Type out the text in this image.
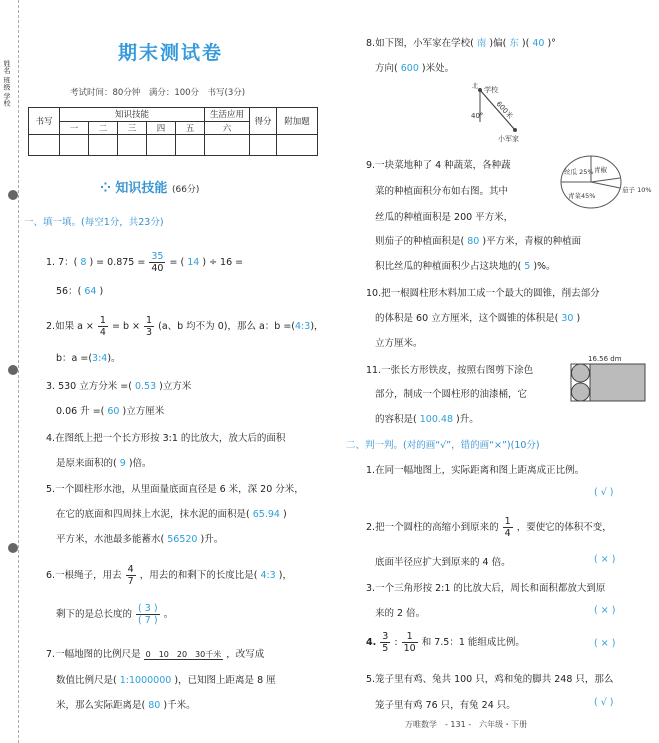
姓名 班级 学校
期末测试卷
考试时间：80分钟　满分：100分　书写(3分)
书写	知识技能					生活应用	得分	附加题
	一	二	三	四	五	六		

⁘ 知识技能 (66分)
一、填一填。(每空1分，共23分)
1. 7：( 8 ) = $0.875 = \frac{35}{40}$ = ( 14 ) ÷ 16 =
56：( 64 )
2.如果 $a \times \frac{1}{4} = b \times \frac{1}{3} (a$、b 均不为 0)，那么 a：b =(4:3)，
b：a =(3:4)。
3. 530 立方分米 =( 0.53 )立方米
0.06 升 =( 60 )立方厘米
4.在图纸上把一个长方形按 3:1 的比放大，放大后的面积
是原来面积的( 9 )倍。
5.一个圆柱形水池，从里面量底面直径是 6 米，深 20 分米，
在它的底面和四周抹上水泥，抹水泥的面积是( 65.94 )
平方米，水池最多能蓄水( 56520 )升。
6.一根绳子，用去 $\frac{4}{7}$ ，用去的和剩下的长度比是( 4:3 )，
剩下的是总长度的 $\frac{( 3 )}{( 7 )}$ 。
7.一幅地图的比例尺是 0　10　20　30千米 ，改写成
数值比例尺是( 1:1000000 )，已知图上距离是 8 厘
米，那么实际距离是( 80 )千米。
8.如下图，小军家在学校( 南 )偏( 东 )( 40 )°
方向( 600 )米处。
学校
北
600米
40°
小军家
9.一块菜地种了 4 种蔬菜，各种蔬
菜的种植面积分布如右图。其中
丝瓜的种植面积是 200 平方米，
则茄子的种植面积是( 80 )平方米，青椒的种植面
积比丝瓜的种植面积少占这块地的( 5 )%。
丝瓜 25% 青椒
青菜45%
茄子 10%
10.把一根圆柱形木料加工成一个最大的圆锥，削去部分
的体积是 60 立方厘米，这个圆锥的体积是( 30 )
立方厘米。
11.一张长方形铁皮，按照右图剪下涂色
部分，制成一个圆柱形的油漆桶，它
的容积是( 100.48 )升。
16.56 dm
二、判一判。(对的画“√”，错的画“×”)(10分)
1.在同一幅地图上，实际距离和图上距离成正比例。
( √ )
2.把一个圆柱的高缩小到原来的 $\frac{1}{4}$ ，要使它的体积不变，
底面半径应扩大到原来的 4 倍。	( × )
3.一个三角形按 2:1 的比放大后，周长和面积都放大到原
来的 2 倍。	( × )
4. $\frac{3}{5}$ : $\frac{1}{10}$ 和 7.5：1 能组成比例。	( × )
5.笼子里有鸡、兔共 100 只，鸡和兔的脚共 248 只，那么
笼子里有鸡 76 只，有兔 24 只。	( √ )
万唯数学　- 131 -　六年级・下册
